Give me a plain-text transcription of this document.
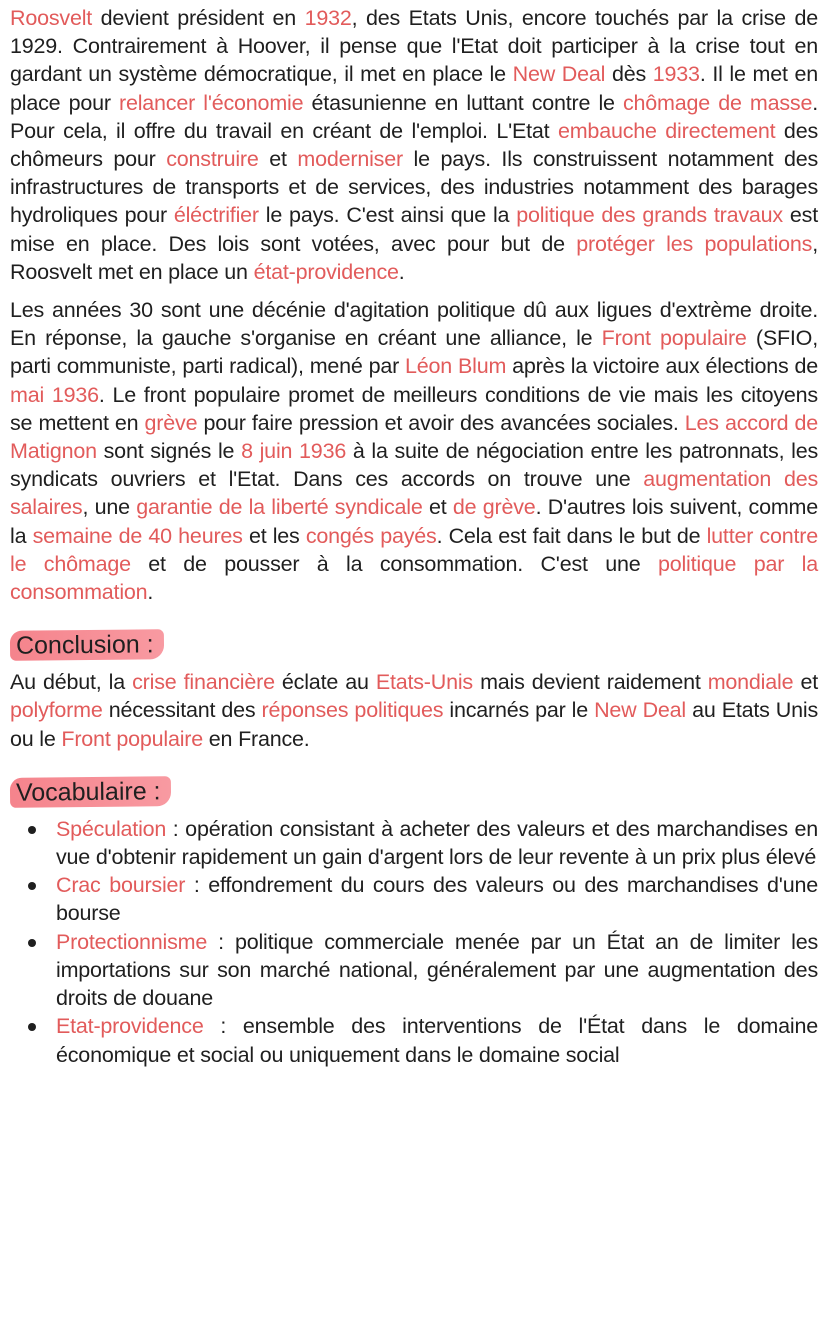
Roosvelt devient président en 1932, des Etats Unis, encore touchés par la crise de 1929. Contrairement à Hoover, il pense que l'Etat doit participer à la crise tout en gardant un système démocratique, il met en place le New Deal dès 1933. Il le met en place pour relancer l'économie étasunienne en luttant contre le chômage de masse. Pour cela, il offre du travail en créant de l'emploi. L'Etat embauche directement des chômeurs pour construire et moderniser le pays. Ils construissent notamment des infrastructures de transports et de services, des industries notamment des barages hydroliques pour éléctrifier le pays. C'est ainsi que la politique des grands travaux est mise en place. Des lois sont votées, avec pour but de protéger les populations, Roosvelt met en place un état-providence.

Les années 30 sont une décénie d'agitation politique dû aux ligues d'extrème droite. En réponse, la gauche s'organise en créant une alliance, le Front populaire (SFIO, parti communiste, parti radical), mené par Léon Blum après la victoire aux élections de mai 1936. Le front populaire promet de meilleurs conditions de vie mais les citoyens se mettent en grève pour faire pression et avoir des avancées sociales. Les accord de Matignon sont signés le 8 juin 1936 à la suite de négociation entre les patronnats, les syndicats ouvriers et l'Etat. Dans ces accords on trouve une augmentation des salaires, une garantie de la liberté syndicale et de grève. D'autres lois suivent, comme la semaine de 40 heures et les congés payés. Cela est fait dans le but de lutter contre le chômage et de pousser à la consommation. C'est une politique par la consommation.

Conclusion :

Au début, la crise financière éclate au Etats-Unis mais devient raidement mondiale et polyforme nécessitant des réponses politiques incarnés par le New Deal au Etats Unis ou le Front populaire en France.

Vocabulaire :
Spéculation : opération consistant à acheter des valeurs et des marchandises en vue d'obtenir rapidement un gain d'argent lors de leur revente à un prix plus élevé
Crac boursier : effondrement du cours des valeurs ou des marchandises d'une bourse
Protectionnisme : politique commerciale menée par un État an de limiter les importations sur son marché national, généralement par une augmentation des droits de douane
Etat-providence : ensemble des interventions de l'État dans le domaine économique et social ou uniquement dans le domaine social
